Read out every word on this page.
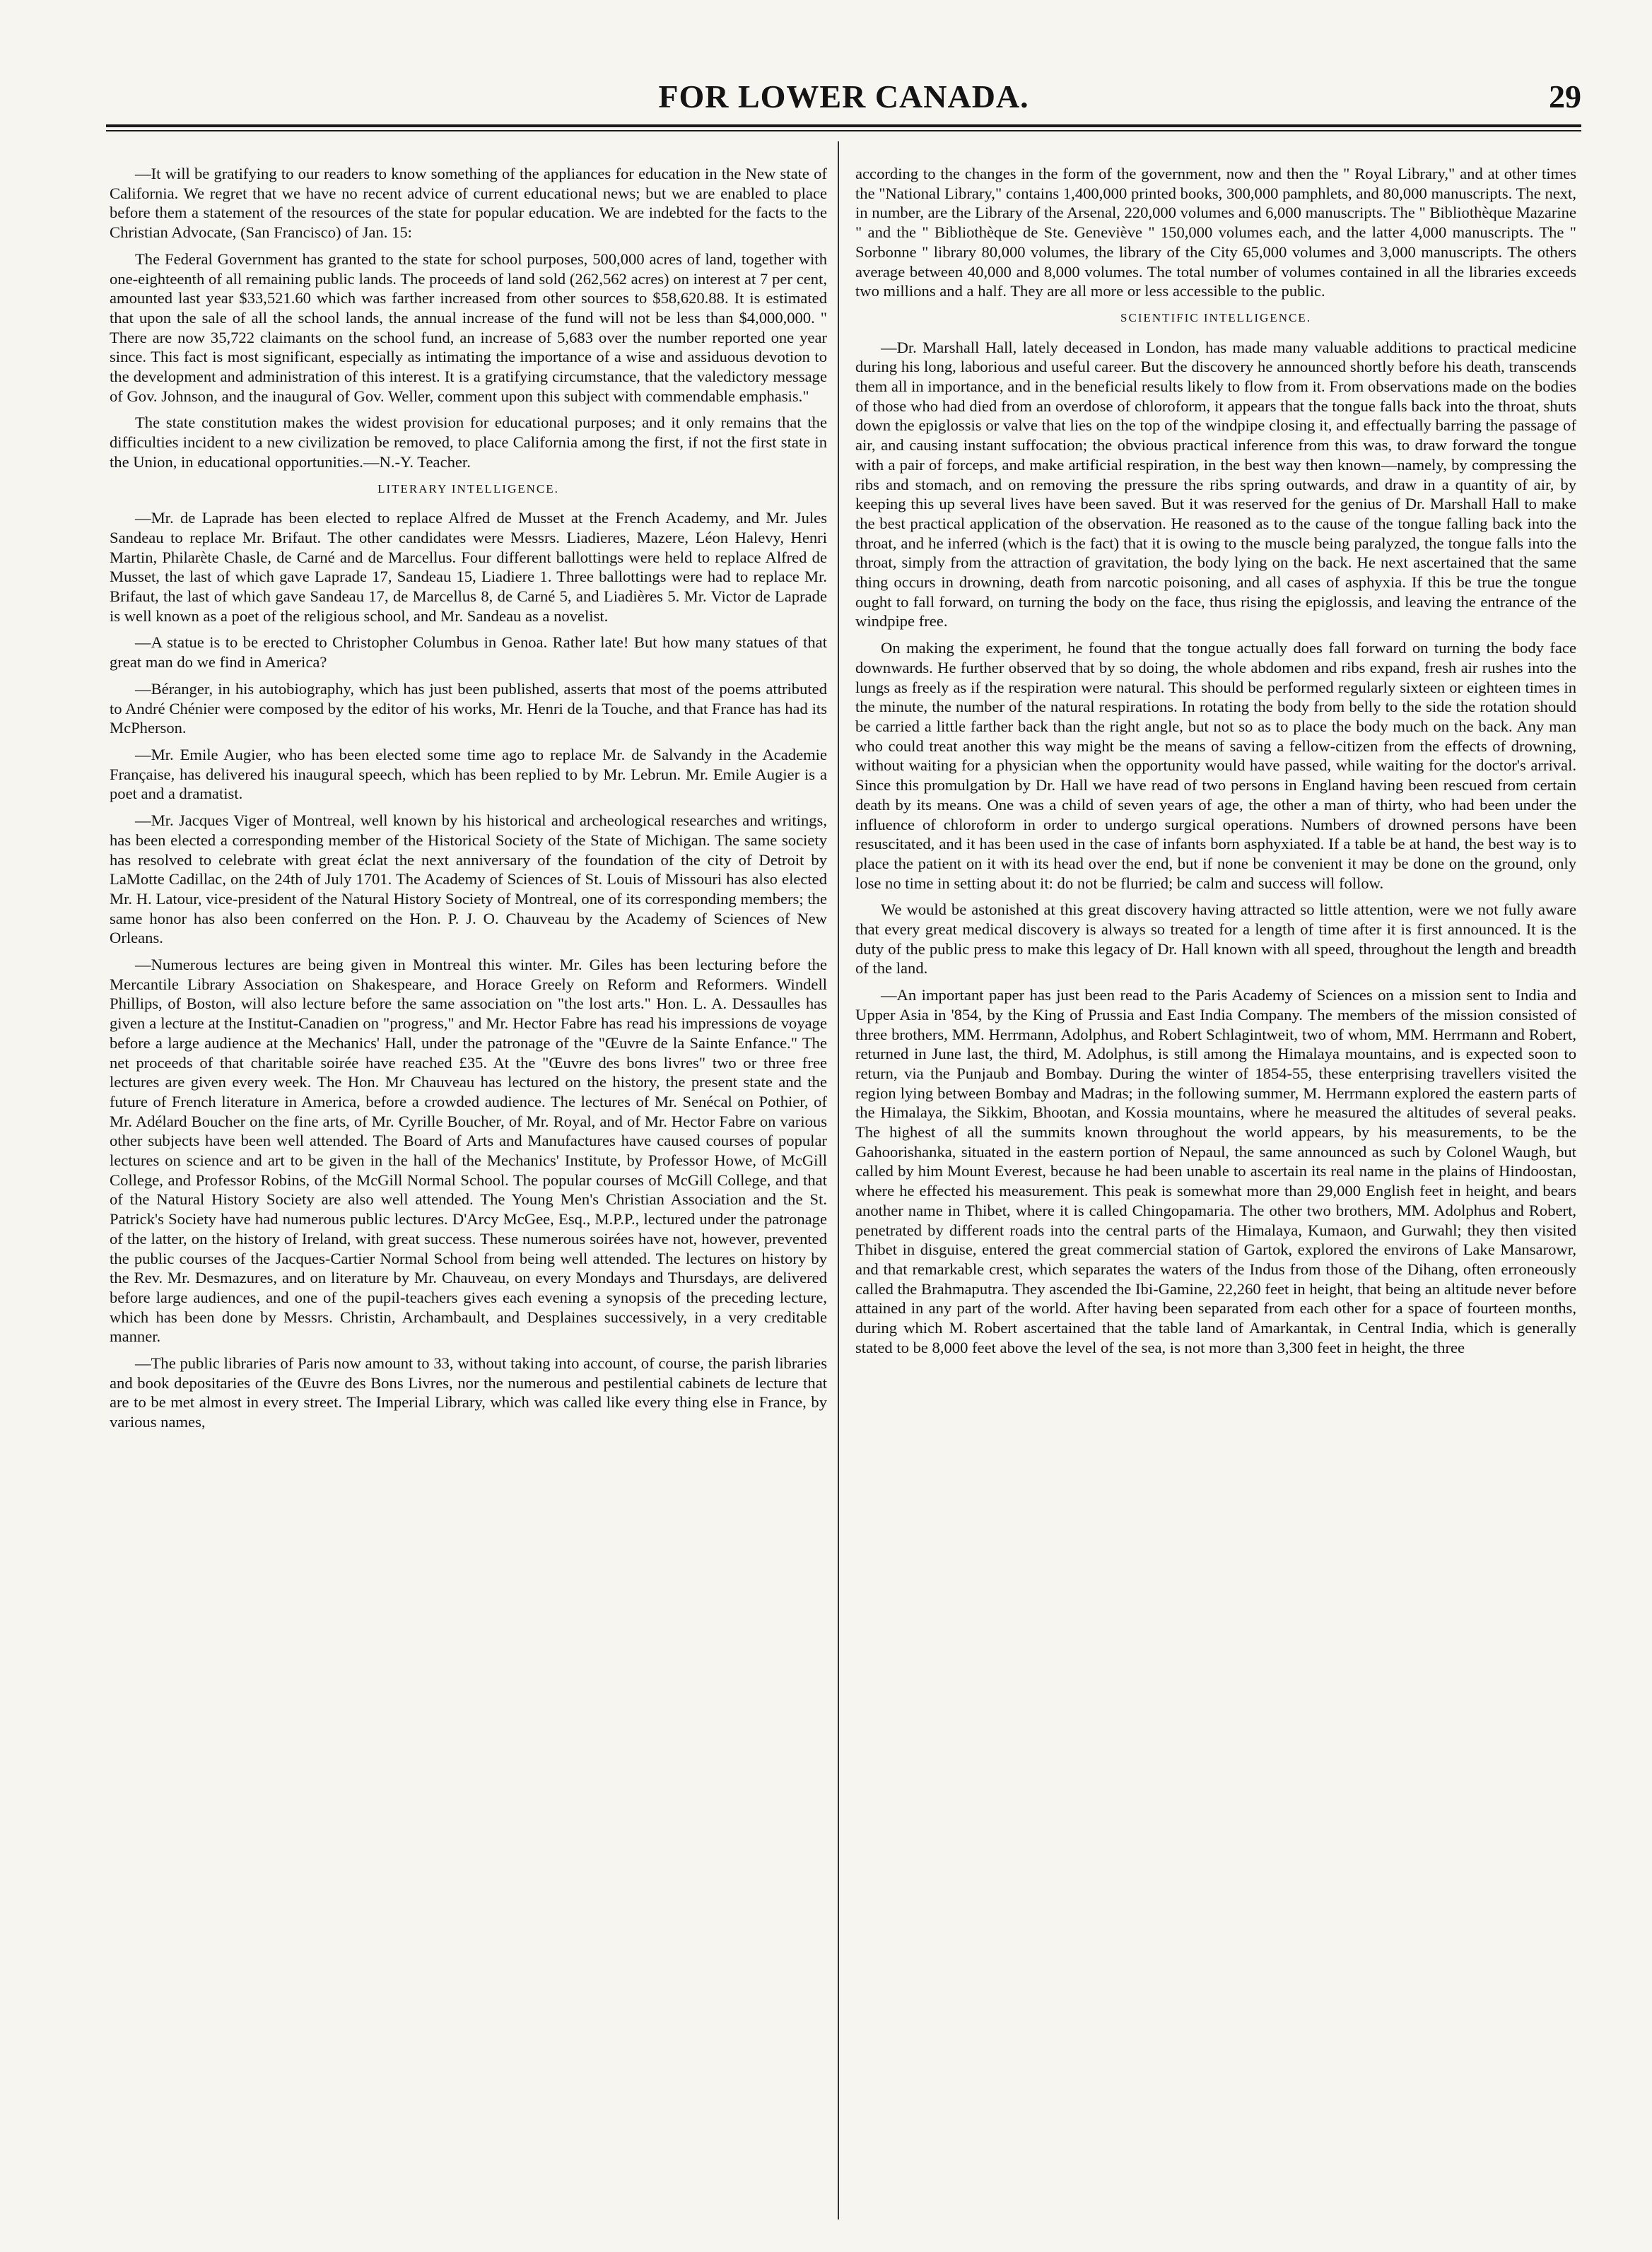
FOR LOWER CANADA.	29

—It will be gratifying to our readers to know something of the appliances for education in the New state of California. We regret that we have no recent advice of current educational news; but we are enabled to place before them a statement of the resources of the state for popular education. We are indebted for the facts to the Christian Advocate, (San Francisco) of Jan. 15:

The Federal Government has granted to the state for school purposes, 500,000 acres of land, together with one-eighteenth of all remaining public lands. The proceeds of land sold (262,562 acres) on interest at 7 per cent, amounted last year $33,521.60 which was farther increased from other sources to $58,620.88. It is estimated that upon the sale of all the school lands, the annual increase of the fund will not be less than $4,000,000. " There are now 35,722 claimants on the school fund, an increase of 5,683 over the number reported one year since. This fact is most significant, especially as intimating the importance of a wise and assiduous devotion to the development and administration of this interest. It is a gratifying circumstance, that the valedictory message of Gov. Johnson, and the inaugural of Gov. Weller, comment upon this subject with commendable emphasis."

The state constitution makes the widest provision for educational purposes; and it only remains that the difficulties incident to a new civilization be removed, to place California among the first, if not the first state in the Union, in educational opportunities.—N.-Y. Teacher.

LITERARY INTELLIGENCE.

—Mr. de Laprade has been elected to replace Alfred de Musset at the French Academy, and Mr. Jules Sandeau to replace Mr. Brifaut. The other candidates were Messrs. Liadieres, Mazere, Léon Halevy, Henri Martin, Philarète Chasle, de Carné and de Marcellus. Four different ballottings were held to replace Alfred de Musset, the last of which gave Laprade 17, Sandeau 15, Liadiere 1. Three ballottings were had to replace Mr. Brifaut, the last of which gave Sandeau 17, de Marcellus 8, de Carné 5, and Liadières 5. Mr. Victor de Laprade is well known as a poet of the religious school, and Mr. Sandeau as a novelist.

—A statue is to be erected to Christopher Columbus in Genoa. Rather late! But how many statues of that great man do we find in America?

—Béranger, in his autobiography, which has just been published, asserts that most of the poems attributed to André Chénier were composed by the editor of his works, Mr. Henri de la Touche, and that France has had its McPherson.

—Mr. Emile Augier, who has been elected some time ago to replace Mr. de Salvandy in the Academie Française, has delivered his inaugural speech, which has been replied to by Mr. Lebrun. Mr. Emile Augier is a poet and a dramatist.

—Mr. Jacques Viger of Montreal, well known by his historical and archeological researches and writings, has been elected a corresponding member of the Historical Society of the State of Michigan. The same society has resolved to celebrate with great éclat the next anniversary of the foundation of the city of Detroit by LaMotte Cadillac, on the 24th of July 1701. The Academy of Sciences of St. Louis of Missouri has also elected Mr. H. Latour, vice-president of the Natural History Society of Montreal, one of its corresponding members; the same honor has also been conferred on the Hon. P. J. O. Chauveau by the Academy of Sciences of New Orleans.

—Numerous lectures are being given in Montreal this winter. Mr. Giles has been lecturing before the Mercantile Library Association on Shakespeare, and Horace Greely on Reform and Reformers. Windell Phillips, of Boston, will also lecture before the same association on "the lost arts." Hon. L. A. Dessaulles has given a lecture at the Institut-Canadien on "progress," and Mr. Hector Fabre has read his impressions de voyage before a large audience at the Mechanics' Hall, under the patronage of the "Œuvre de la Sainte Enfance." The net proceeds of that charitable soirée have reached £35. At the "Œuvre des bons livres" two or three free lectures are given every week. The Hon. Mr Chauveau has lectured on the history, the present state and the future of French literature in America, before a crowded audience. The lectures of Mr. Senécal on Pothier, of Mr. Adélard Boucher on the fine arts, of Mr. Cyrille Boucher, of Mr. Royal, and of Mr. Hector Fabre on various other subjects have been well attended. The Board of Arts and Manufactures have caused courses of popular lectures on science and art to be given in the hall of the Mechanics' Institute, by Professor Howe, of McGill College, and Professor Robins, of the McGill Normal School. The popular courses of McGill College, and that of the Natural History Society are also well attended. The Young Men's Christian Association and the St. Patrick's Society have had numerous public lectures. D'Arcy McGee, Esq., M.P.P., lectured under the patronage of the latter, on the history of Ireland, with great success. These numerous soirées have not, however, prevented the public courses of the Jacques-Cartier Normal School from being well attended. The lectures on history by the Rev. Mr. Desmazures, and on literature by Mr. Chauveau, on every Mondays and Thursdays, are delivered before large audiences, and one of the pupil-teachers gives each evening a synopsis of the preceding lecture, which has been done by Messrs. Christin, Archambault, and Desplaines successively, in a very creditable manner.

—The public libraries of Paris now amount to 33, without taking into account, of course, the parish libraries and book depositaries of the Œuvre des Bons Livres, nor the numerous and pestilential cabinets de lecture that are to be met almost in every street. The Imperial Library, which was called like every thing else in France, by various names,

according to the changes in the form of the government, now and then the " Royal Library," and at other times the "National Library," contains 1,400,000 printed books, 300,000 pamphlets, and 80,000 manuscripts. The next, in number, are the Library of the Arsenal, 220,000 volumes and 6,000 manuscripts. The " Bibliothèque Mazarine " and the " Bibliothèque de Ste. Geneviève " 150,000 volumes each, and the latter 4,000 manuscripts. The " Sorbonne " library 80,000 volumes, the library of the City 65,000 volumes and 3,000 manuscripts. The others average between 40,000 and 8,000 volumes. The total number of volumes contained in all the libraries exceeds two millions and a half. They are all more or less accessible to the public.

SCIENTIFIC INTELLIGENCE.

—Dr. Marshall Hall, lately deceased in London, has made many valuable additions to practical medicine during his long, laborious and useful career. But the discovery he announced shortly before his death, transcends them all in importance, and in the beneficial results likely to flow from it. From observations made on the bodies of those who had died from an overdose of chloroform, it appears that the tongue falls back into the throat, shuts down the epiglossis or valve that lies on the top of the windpipe closing it, and effectually barring the passage of air, and causing instant suffocation; the obvious practical inference from this was, to draw forward the tongue with a pair of forceps, and make artificial respiration, in the best way then known—namely, by compressing the ribs and stomach, and on removing the pressure the ribs spring outwards, and draw in a quantity of air, by keeping this up several lives have been saved. But it was reserved for the genius of Dr. Marshall Hall to make the best practical application of the observation. He reasoned as to the cause of the tongue falling back into the throat, and he inferred (which is the fact) that it is owing to the muscle being paralyzed, the tongue falls into the throat, simply from the attraction of gravitation, the body lying on the back. He next ascertained that the same thing occurs in drowning, death from narcotic poisoning, and all cases of asphyxia. If this be true the tongue ought to fall forward, on turning the body on the face, thus rising the epiglossis, and leaving the entrance of the windpipe free.

On making the experiment, he found that the tongue actually does fall forward on turning the body face downwards. He further observed that by so doing, the whole abdomen and ribs expand, fresh air rushes into the lungs as freely as if the respiration were natural. This should be performed regularly sixteen or eighteen times in the minute, the number of the natural respirations. In rotating the body from belly to the side the rotation should be carried a little farther back than the right angle, but not so as to place the body much on the back. Any man who could treat another this way might be the means of saving a fellow-citizen from the effects of drowning, without waiting for a physician when the opportunity would have passed, while waiting for the doctor's arrival. Since this promulgation by Dr. Hall we have read of two persons in England having been rescued from certain death by its means. One was a child of seven years of age, the other a man of thirty, who had been under the influence of chloroform in order to undergo surgical operations. Numbers of drowned persons have been resuscitated, and it has been used in the case of infants born asphyxiated. If a table be at hand, the best way is to place the patient on it with its head over the end, but if none be convenient it may be done on the ground, only lose no time in setting about it: do not be flurried; be calm and success will follow.

We would be astonished at this great discovery having attracted so little attention, were we not fully aware that every great medical discovery is always so treated for a length of time after it is first announced. It is the duty of the public press to make this legacy of Dr. Hall known with all speed, throughout the length and breadth of the land.

—An important paper has just been read to the Paris Academy of Sciences on a mission sent to India and Upper Asia in '854, by the King of Prussia and East India Company. The members of the mission consisted of three brothers, MM. Herrmann, Adolphus, and Robert Schlagintweit, two of whom, MM. Herrmann and Robert, returned in June last, the third, M. Adolphus, is still among the Himalaya mountains, and is expected soon to return, via the Punjaub and Bombay. During the winter of 1854-55, these enterprising travellers visited the region lying between Bombay and Madras; in the following summer, M. Herrmann explored the eastern parts of the Himalaya, the Sikkim, Bhootan, and Kossia mountains, where he measured the altitudes of several peaks. The highest of all the summits known throughout the world appears, by his measurements, to be the Gahoorishanka, situated in the eastern portion of Nepaul, the same announced as such by Colonel Waugh, but called by him Mount Everest, because he had been unable to ascertain its real name in the plains of Hindoostan, where he effected his measurement. This peak is somewhat more than 29,000 English feet in height, and bears another name in Thibet, where it is called Chingopamaria. The other two brothers, MM. Adolphus and Robert, penetrated by different roads into the central parts of the Himalaya, Kumaon, and Gurwahl; they then visited Thibet in disguise, entered the great commercial station of Gartok, explored the environs of Lake Mansarowr, and that remarkable crest, which separates the waters of the Indus from those of the Dihang, often erroneously called the Brahmaputra. They ascended the Ibi-Gamine, 22,260 feet in height, that being an altitude never before attained in any part of the world. After having been separated from each other for a space of fourteen months, during which M. Robert ascertained that the table land of Amarkantak, in Central India, which is generally stated to be 8,000 feet above the level of the sea, is not more than 3,300 feet in height, the three
